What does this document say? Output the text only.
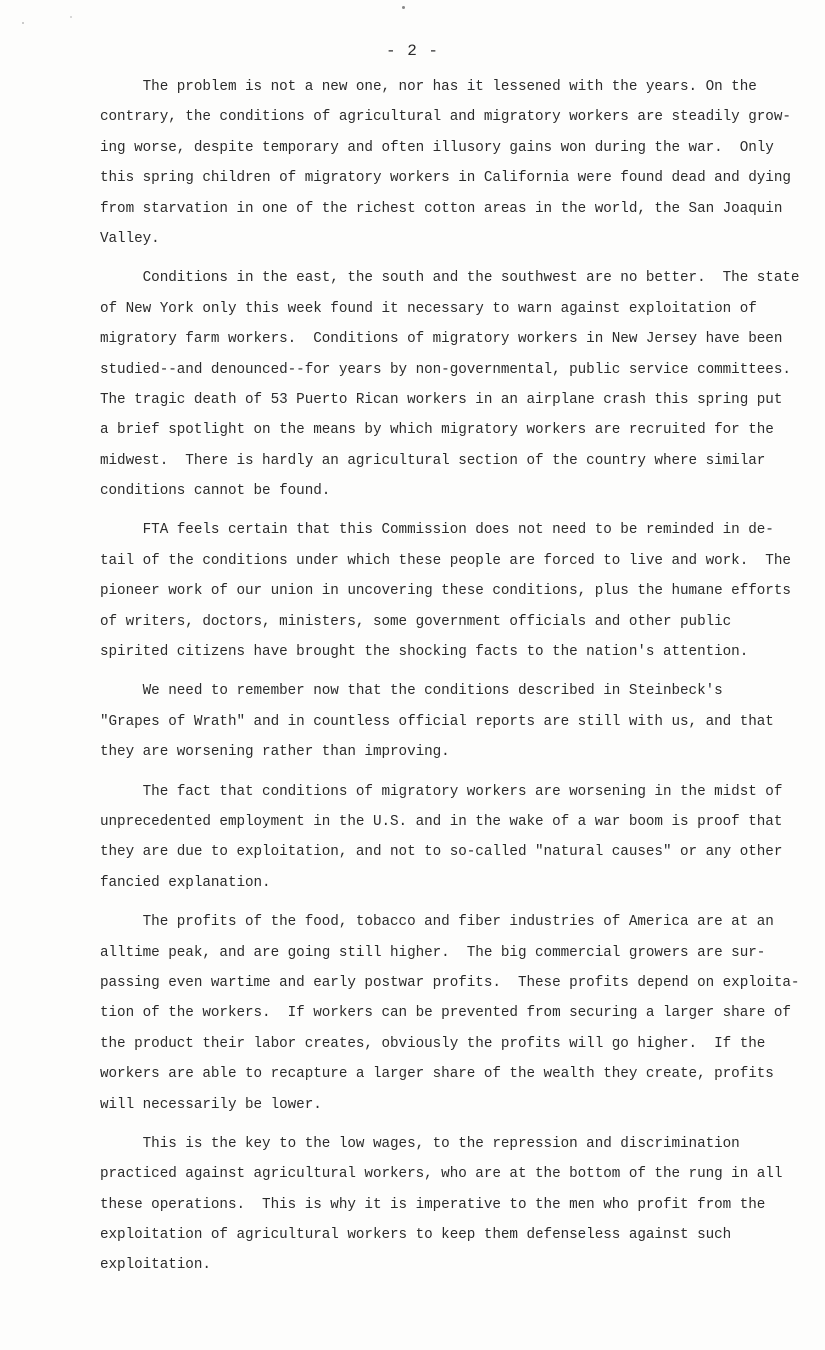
- 2 -
The problem is not a new one, nor has it lessened with the years. On the
contrary, the conditions of agricultural and migratory workers are steadily grow-
ing worse, despite temporary and often illusory gains won during the war.  Only
this spring children of migratory workers in California were found dead and dying
from starvation in one of the richest cotton areas in the world, the San Joaquin
Valley.
Conditions in the east, the south and the southwest are no better.  The state
of New York only this week found it necessary to warn against exploitation of
migratory farm workers.  Conditions of migratory workers in New Jersey have been
studied--and denounced--for years by non-governmental, public service committees.
The tragic death of 53 Puerto Rican workers in an airplane crash this spring put
a brief spotlight on the means by which migratory workers are recruited for the
midwest.  There is hardly an agricultural section of the country where similar
conditions cannot be found.
FTA feels certain that this Commission does not need to be reminded in de-
tail of the conditions under which these people are forced to live and work.  The
pioneer work of our union in uncovering these conditions, plus the humane efforts
of writers, doctors, ministers, some government officials and other public
spirited citizens have brought the shocking facts to the nation's attention.
We need to remember now that the conditions described in Steinbeck's
"Grapes of Wrath" and in countless official reports are still with us, and that
they are worsening rather than improving.
The fact that conditions of migratory workers are worsening in the midst of
unprecedented employment in the U.S. and in the wake of a war boom is proof that
they are due to exploitation, and not to so-called "natural causes" or any other
fancied explanation.
The profits of the food, tobacco and fiber industries of America are at an
alltime peak, and are going still higher.  The big commercial growers are sur-
passing even wartime and early postwar profits.  These profits depend on exploita-
tion of the workers.  If workers can be prevented from securing a larger share of
the product their labor creates, obviously the profits will go higher.  If the
workers are able to recapture a larger share of the wealth they create, profits
will necessarily be lower.
This is the key to the low wages, to the repression and discrimination
practiced against agricultural workers, who are at the bottom of the rung in all
these operations.  This is why it is imperative to the men who profit from the
exploitation of agricultural workers to keep them defenseless against such
exploitation.
